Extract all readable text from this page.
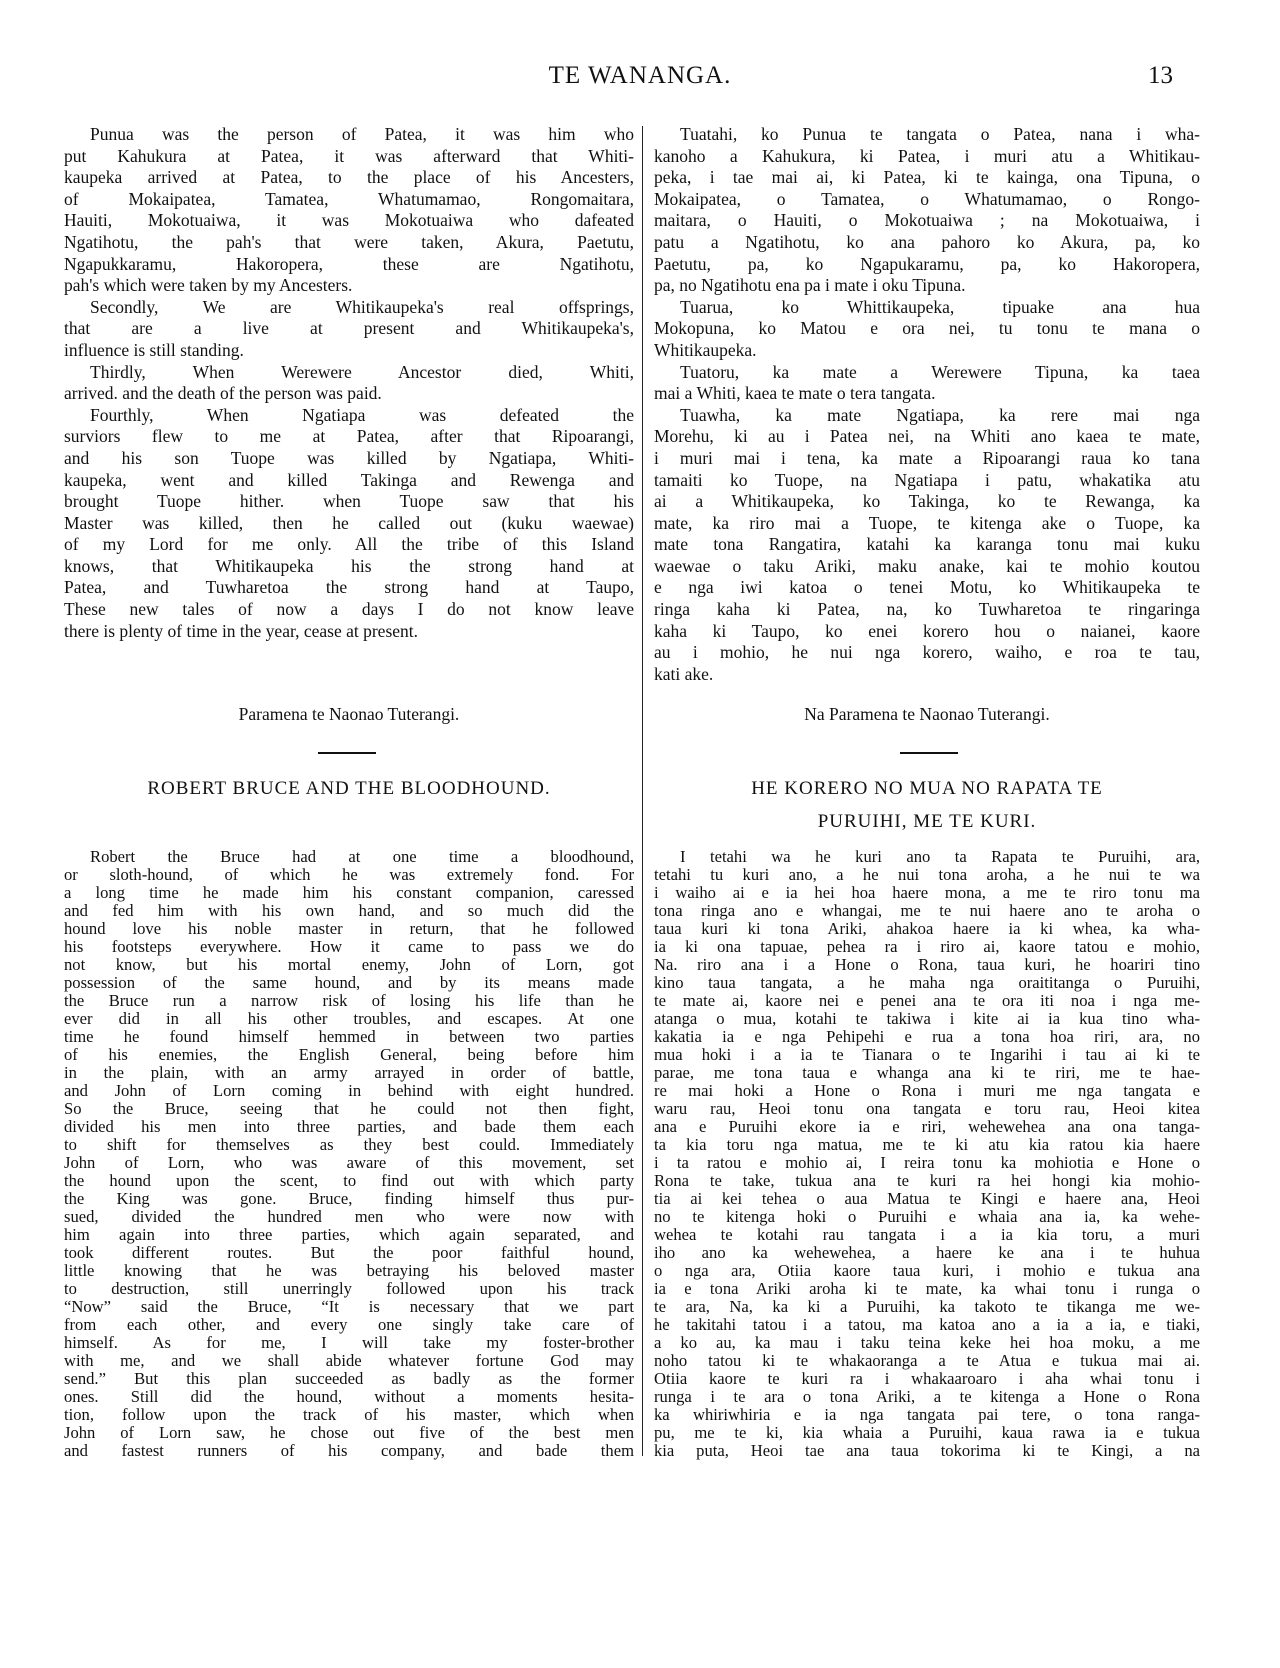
TE WANANGA.	13
Punua was the person of Patea, it was him who
put Kahukura at Patea, it was afterward that Whiti-
kaupeka arrived at Patea, to the place of his Ancesters,
of Mokaipatea, Tamatea, Whatumamao, Rongomaitara,
Hauiti, Mokotuaiwa, it was Mokotuaiwa who dafeated
Ngatihotu, the pah's that were taken, Akura, Paetutu,
Ngapukkaramu, Hakoropera, these are Ngatihotu,
pah's which were taken by my Ancesters.
Secondly, We are Whitikaupeka's real offsprings,
that are a live at present and Whitikaupeka's,
influence is still standing.
Thirdly, When Werewere Ancestor died, Whiti,
arrived. and the death of the person was paid.
Fourthly, When Ngatiapa was defeated the
surviors flew to me at Patea, after that Ripoarangi,
and his son Tuope was killed by Ngatiapa, Whiti-
kaupeka, went and killed Takinga and Rewenga and
brought Tuope hither. when Tuope saw that his
Master was killed, then he called out (kuku waewae)
of my Lord for me only. All the tribe of this Island
knows, that Whitikaupeka his the strong hand at
Patea, and Tuwharetoa the strong hand at Taupo,
These new tales of now a days I do not know leave
there is plenty of time in the year, cease at present.
Tuatahi, ko Punua te tangata o Patea, nana i wha-
kanoho a Kahukura, ki Patea, i muri atu a Whitikau-
peka, i tae mai ai, ki Patea, ki te kainga, ona Tipuna, o
Mokaipatea, o Tamatea, o Whatumamao, o Rongo-
maitara, o Hauiti, o Mokotuaiwa ; na Mokotuaiwa, i
patu a Ngatihotu, ko ana pahoro ko Akura, pa, ko
Paetutu, pa, ko Ngapukaramu, pa, ko Hakoropera,
pa, no Ngatihotu ena pa i mate i oku Tipuna.
Tuarua, ko Whittikaupeka, tipuake ana hua
Mokopuna, ko Matou e ora nei, tu tonu te mana o
Whitikaupeka.
Tuatoru, ka mate a Werewere Tipuna, ka taea
mai a Whiti, kaea te mate o tera tangata.
Tuawha, ka mate Ngatiapa, ka rere mai nga
Morehu, ki au i Patea nei, na Whiti ano kaea te mate,
i muri mai i tena, ka mate a Ripoarangi raua ko tana
tamaiti ko Tuope, na Ngatiapa i patu, whakatika atu
ai a Whitikaupeka, ko Takinga, ko te Rewanga, ka
mate, ka riro mai a Tuope, te kitenga ake o Tuope, ka
mate tona Rangatira, katahi ka karanga tonu mai kuku
waewae o taku Ariki, maku anake, kai te mohio koutou
e nga iwi katoa o tenei Motu, ko Whitikaupeka te
ringa kaha ki Patea, na, ko Tuwharetoa te ringaringa
kaha ki Taupo, ko enei korero hou o naianei, kaore
au i mohio, he nui nga korero, waiho, e roa te tau,
kati ake.
Paramena te Naonao Tuterangi.	Na Paramena te Naonao Tuterangi.
ROBERT BRUCE AND THE BLOODHOUND.	HE KORERO NO MUA NO RAPATA TE
PURUIHI, ME TE KURI.
Robert the Bruce had at one time a bloodhound,
or sloth-hound, of which he was extremely fond. For
a long time he made him his constant companion, caressed
and fed him with his own hand, and so much did the
hound love his noble master in return, that he followed
his footsteps everywhere. How it came to pass we do
not know, but his mortal enemy, John of Lorn, got
possession of the same hound, and by its means made
the Bruce run a narrow risk of losing his life than he
ever did in all his other troubles, and escapes. At one
time he found himself hemmed in between two parties
of his enemies, the English General, being before him
in the plain, with an army arrayed in order of battle,
and John of Lorn coming in behind with eight hundred.
So the Bruce, seeing that he could not then fight,
divided his men into three parties, and bade them each
to shift for themselves as they best could. Immediately
John of Lorn, who was aware of this movement, set
the hound upon the scent, to find out with which party
the King was gone. Bruce, finding himself thus pur-
sued, divided the hundred men who were now with
him again into three parties, which again separated, and
took different routes. But the poor faithful hound,
little knowing that he was betraying his beloved master
to destruction, still unerringly followed upon his track
“Now” said the Bruce, “It is necessary that we part
from each other, and every one singly take care of
himself. As for me, I will take my foster-brother
with me, and we shall abide whatever fortune God may
send.” But this plan succeeded as badly as the former
ones. Still did the hound, without a moments hesita-
tion, follow upon the track of his master, which when
John of Lorn saw, he chose out five of the best men
and fastest runners of his company, and bade them
I tetahi wa he kuri ano ta Rapata te Puruihi, ara,
tetahi tu kuri ano, a he nui tona aroha, a he nui te wa
i waiho ai e ia hei hoa haere mona, a me te riro tonu ma
tona ringa ano e whangai, me te nui haere ano te aroha o
taua kuri ki tona Ariki, ahakoa haere ia ki whea, ka wha-
ia ki ona tapuae, pehea ra i riro ai, kaore tatou e mohio,
Na. riro ana i a Hone o Rona, taua kuri, he hoariri tino
kino taua tangata, a he maha nga oraititanga o Puruihi,
te mate ai, kaore nei e penei ana te ora iti noa i nga me-
atanga o mua, kotahi te takiwa i kite ai ia kua tino wha-
kakatia ia e nga Pehipehi e rua a tona hoa riri, ara, no
mua hoki i a ia te Tianara o te Ingarihi i tau ai ki te
parae, me tona taua e whanga ana ki te riri, me te hae-
re mai hoki a Hone o Rona i muri me nga tangata e
waru rau, Heoi tonu ona tangata e toru rau, Heoi kitea
ana e Puruihi ekore ia e riri, wehewehea ana ona tanga-
ta kia toru nga matua, me te ki atu kia ratou kia haere
i ta ratou e mohio ai, I reira tonu ka mohiotia e Hone o
Rona te take, tukua ana te kuri ra hei hongi kia mohio-
tia ai kei tehea o aua Matua te Kingi e haere ana, Heoi
no te kitenga hoki o Puruihi e whaia ana ia, ka wehe-
wehea te kotahi rau tangata i a ia kia toru, a muri
iho ano ka wehewehea, a haere ke ana i te huhua
o nga ara, Otiia kaore taua kuri, i mohio e tukua ana
ia e tona Ariki aroha ki te mate, ka whai tonu i runga o
te ara, Na, ka ki a Puruihi, ka takoto te tikanga me we-
he takitahi tatou i a tatou, ma katoa ano a ia a ia, e tiaki,
a ko au, ka mau i taku teina keke hei hoa moku, a me
noho tatou ki te whakaoranga a te Atua e tukua mai ai.
Otiia kaore te kuri ra i whakaaroaro i aha whai tonu i
runga i te ara o tona Ariki, a te kitenga a Hone o Rona
ka whiriwhiria e ia nga tangata pai tere, o tona ranga-
pu, me te ki, kia whaia a Puruihi, kaua rawa ia e tukua
kia puta, Heoi tae ana taua tokorima ki te Kingi, a na
